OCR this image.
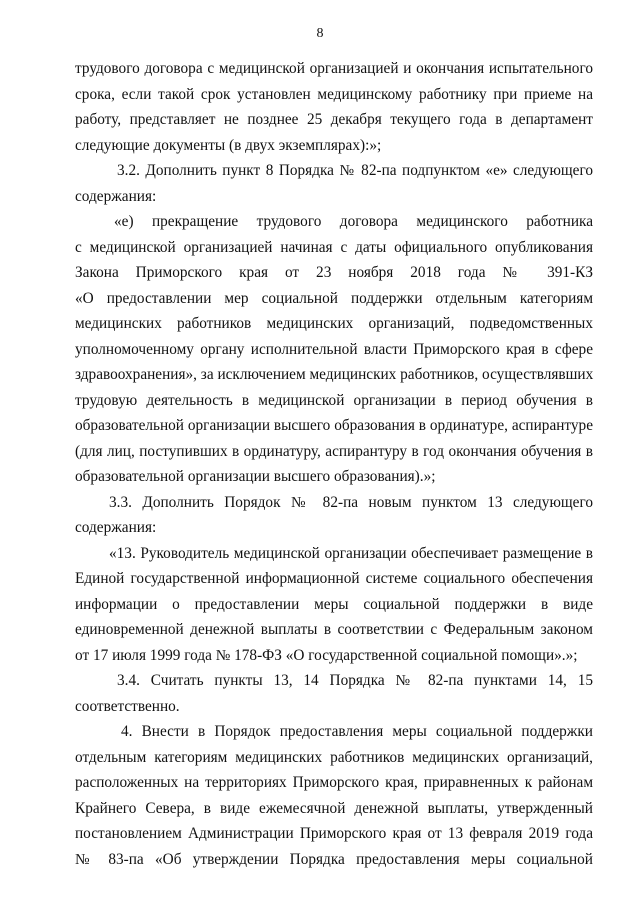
8
трудового договора с медицинской организацией и окончания испытательного
срока, если такой срок установлен медицинскому работнику при приеме на
работу, представляет не позднее 25 декабря текущего года в департамент
следующие документы (в двух экземплярах):»;
3.2. Дополнить пункт 8 Порядка № 82-па подпунктом «е» следующего
содержания:
«е) прекращение трудового договора медицинского работника
с медицинской организацией начиная с даты официального опубликования
Закона Приморского края от 23 ноября 2018 года № 391-КЗ
«О предоставлении мер социальной поддержки отдельным категориям
медицинских работников медицинских организаций, подведомственных
уполномоченному органу исполнительной власти Приморского края в сфере
здравоохранения», за исключением медицинских работников, осуществлявших
трудовую деятельность в медицинской организации в период обучения в
образовательной организации высшего образования в ординатуре, аспирантуре
(для лиц, поступивших в ординатуру, аспирантуру в год окончания обучения в
образовательной организации высшего образования).»;
3.3. Дополнить Порядок № 82-па новым пунктом 13 следующего
содержания:
«13. Руководитель медицинской организации обеспечивает размещение в
Единой государственной информационной системе социального обеспечения
информации о предоставлении меры социальной поддержки в виде
единовременной денежной выплаты в соответствии с Федеральным законом
от 17 июля 1999 года № 178-ФЗ «О государственной социальной помощи».»;
3.4. Считать пункты 13, 14 Порядка № 82-па пунктами 14, 15
соответственно.
4. Внести в Порядок предоставления меры социальной поддержки
отдельным категориям медицинских работников медицинских организаций,
расположенных на территориях Приморского края, приравненных к районам
Крайнего Севера, в виде ежемесячной денежной выплаты, утвержденный
постановлением Администрации Приморского края от 13 февраля 2019 года
№ 83-па «Об утверждении Порядка предоставления меры социальной
